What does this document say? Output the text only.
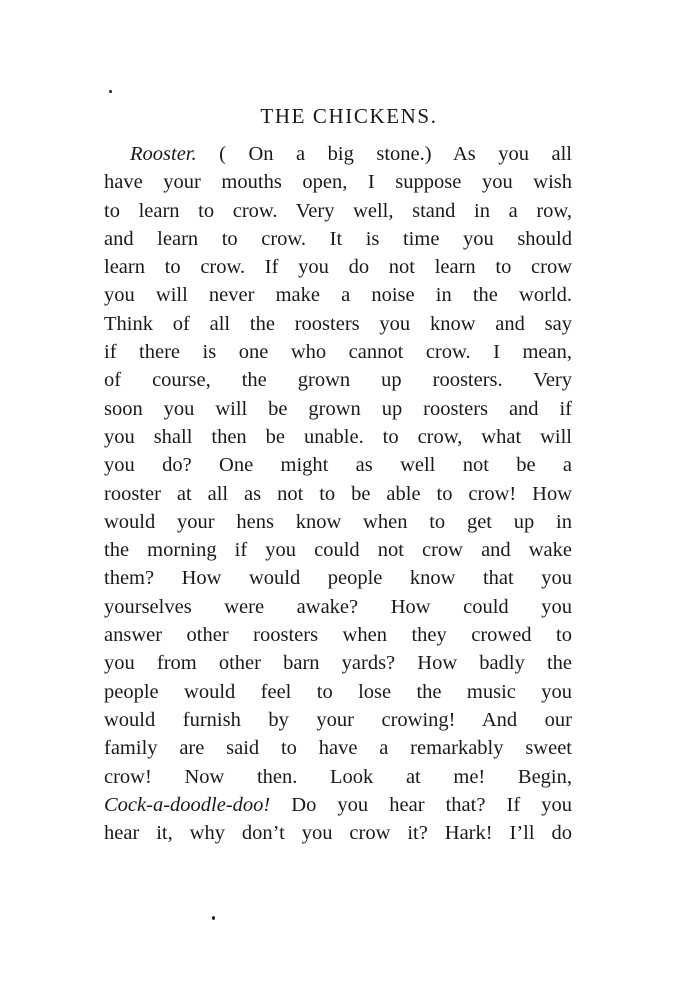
THE CHICKENS.
Rooster. ( On a big stone.) As you all
have your mouths open, I suppose you wish
to learn to crow. Very well, stand in a row,
and learn to crow. It is time you should
learn to crow. If you do not learn to crow
you will never make a noise in the world.
Think of all the roosters you know and say
if there is one who cannot crow. I mean,
of course, the grown up roosters. Very
soon you will be grown up roosters and if
you shall then be unable. to crow, what will
you do? One might as well not be a
rooster at all as not to be able to crow! How
would your hens know when to get up in
the morning if you could not crow and wake
them? How would people know that you
yourselves were awake? How could you
answer other roosters when they crowed to
you from other barn yards? How badly the
people would feel to lose the music you
would furnish by your crowing! And our
family are said to have a remarkably sweet
crow! Now then. Look at me! Begin,
Cock-a-doodle-doo! Do you hear that? If you
hear it, why don’t you crow it? Hark! I’ll do
